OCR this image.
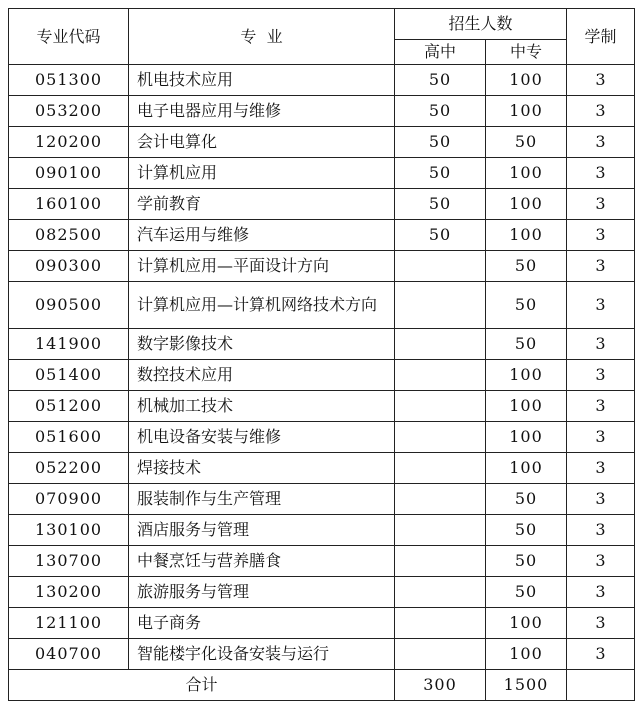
专业代码	专  业	招生人数		学制
		高中	中专	
051300	机电技术应用	50	100	3
053200	电子电器应用与维修	50	100	3
120200	会计电算化	50	50	3
090100	计算机应用	50	100	3
160100	学前教育	50	100	3
082500	汽车运用与维修	50	100	3
090300	计算机应用—平面设计方向		50	3
090500	计算机应用—计算机网络技术方向		50	3
141900	数字影像技术		50	3
051400	数控技术应用		100	3
051200	机械加工技术		100	3
051600	机电设备安装与维修		100	3
052200	焊接技术		100	3
070900	服装制作与生产管理		50	3
130100	酒店服务与管理		50	3
130700	中餐烹饪与营养膳食		50	3
130200	旅游服务与管理		50	3
121100	电子商务		100	3
040700	智能楼宇化设备安装与运行		100	3
合计		300	1500	
